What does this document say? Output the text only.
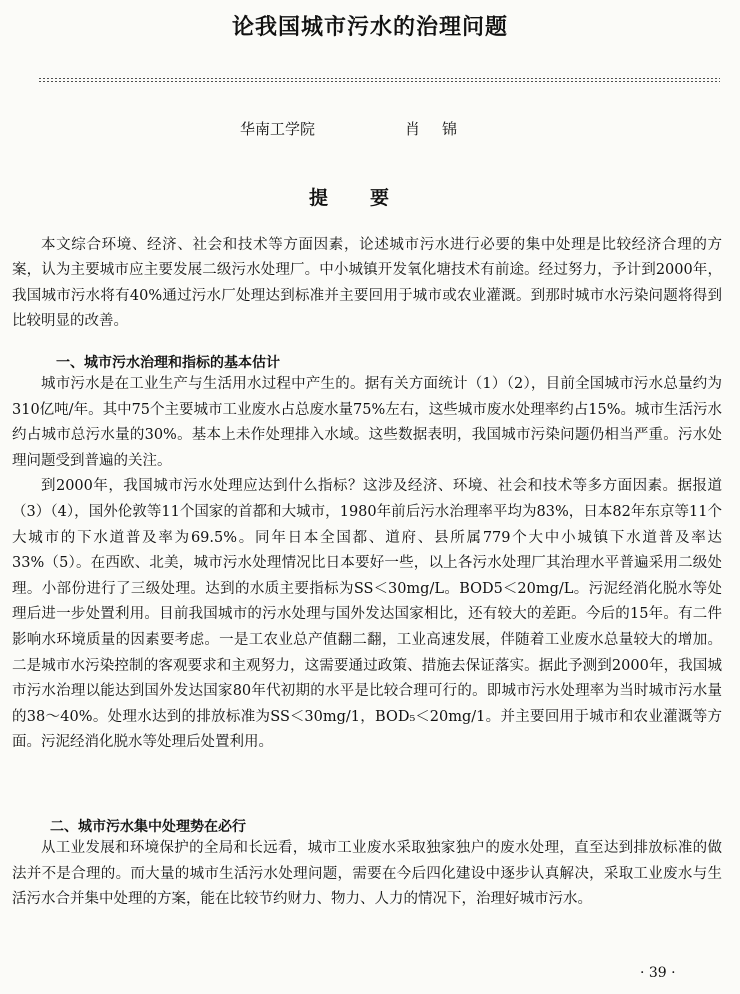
论我国城市污水的治理问题
华南工学院	肖锦
提要

本文综合环境、经济、社会和技术等方面因素，论述城市污水进行必要的集中处理是比较经济合理的方案，认为主要城市应主要发展二级污水处理厂。中小城镇开发氧化塘技术有前途。经过努力，予计到2000年，我国城市污水将有40%通过污水厂处理达到标准并主要回用于城市或农业灌溉。到那时城市水污染问题将得到比较明显的改善。

一、城市污水治理和指标的基本估计

城市污水是在工业生产与生活用水过程中产生的。据有关方面统计（1）（2），目前全国城市污水总量约为310亿吨/年。其中75个主要城市工业废水占总废水量75%左右，这些城市废水处理率约占15%。城市生活污水约占城市总污水量的30%。基本上未作处理排入水域。这些数据表明，我国城市污染问题仍相当严重。污水处理问题受到普遍的关注。

到2000年，我国城市污水处理应达到什么指标？这涉及经济、环境、社会和技术等多方面因素。据报道（3）（4），国外伦敦等11个国家的首都和大城市，1980年前后污水治理率平均为83%，日本82年东京等11个大城市的下水道普及率为69.5%。同年日本全国都、道府、县所属779个大中小城镇下水道普及率达33%（5）。在西欧、北美，城市污水处理情况比日本要好一些，以上各污水处理厂其治理水平普遍采用二级处理。小部份进行了三级处理。达到的水质主要指标为SS＜30mg/L。BOD5＜20mg/L。污泥经消化脱水等处理后进一步处置利用。目前我国城市的污水处理与国外发达国家相比，还有较大的差距。今后的15年。有二件影响水环境质量的因素要考虑。一是工农业总产值翻二翻，工业高速发展，伴随着工业废水总量较大的增加。二是城市水污染控制的客观要求和主观努力，这需要通过政策、措施去保证落实。据此予测到2000年，我国城市污水治理以能达到国外发达国家80年代初期的水平是比较合理可行的。即城市污水处理率为当时城市污水量的38～40%。处理水达到的排放标准为SS＜30mg/1，BOD₅＜20mg/1。并主要回用于城市和农业灌溉等方面。污泥经消化脱水等处理后处置利用。

二、城市污水集中处理势在必行

从工业发展和环境保护的全局和长远看，城市工业废水采取独家独户的废水处理，直至达到排放标准的做法并不是合理的。而大量的城市生活污水处理问题，需要在今后四化建设中逐步认真解决，采取工业废水与生活污水合并集中处理的方案，能在比较节约财力、物力、人力的情况下，治理好城市污水。

· 39 ·
